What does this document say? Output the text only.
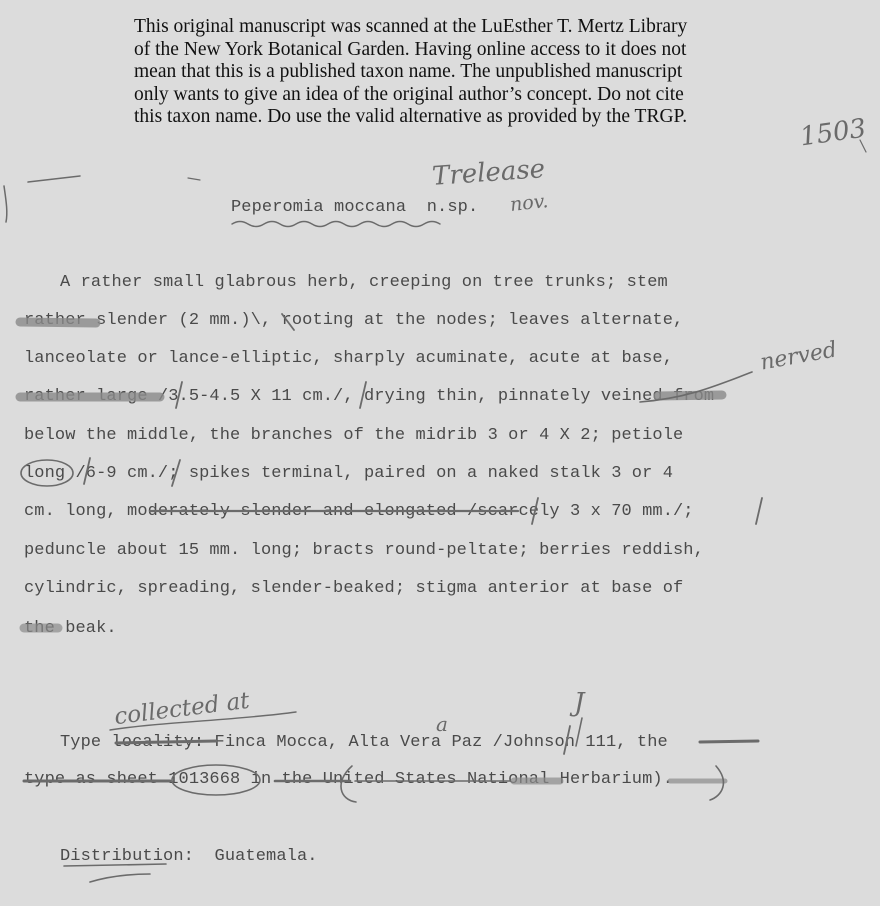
This original manuscript was scanned at the LuEsther T. Mertz Library
of the New York Botanical Garden. Having online access to it does not
mean that this is a published taxon name. The unpublished manuscript
only wants to give an idea of the original author’s concept. Do not cite
this taxon name. Do use the valid alternative as provided by the TRGP.	1503
Trelease
nov.
nerved
collected at	a
J
Peperomia moccana  n.sp.
A rather small glabrous herb, creeping on tree trunks; stem
rather slender (2 mm.)\, rooting at the nodes; leaves alternate,
lanceolate or lance-elliptic, sharply acuminate, acute at base,
rather large /3.5-4.5 X 11 cm./, drying thin, pinnately veined from
below the middle, the branches of the midrib 3 or 4 X 2; petiole
long /6-9 cm./; spikes terminal, paired on a naked stalk 3 or 4
cm. long, moderately slender and elongated /scarcely 3 x 70 mm./;
peduncle about 15 mm. long; bracts round-peltate; berries reddish,
cylindric, spreading, slender-beaked; stigma anterior at base of
the beak.
Type locality: Finca Mocca, Alta Vera Paz /Johnson 111, the
type as sheet 1013668 in the United States National Herbarium).
Distribution:  Guatemala.
